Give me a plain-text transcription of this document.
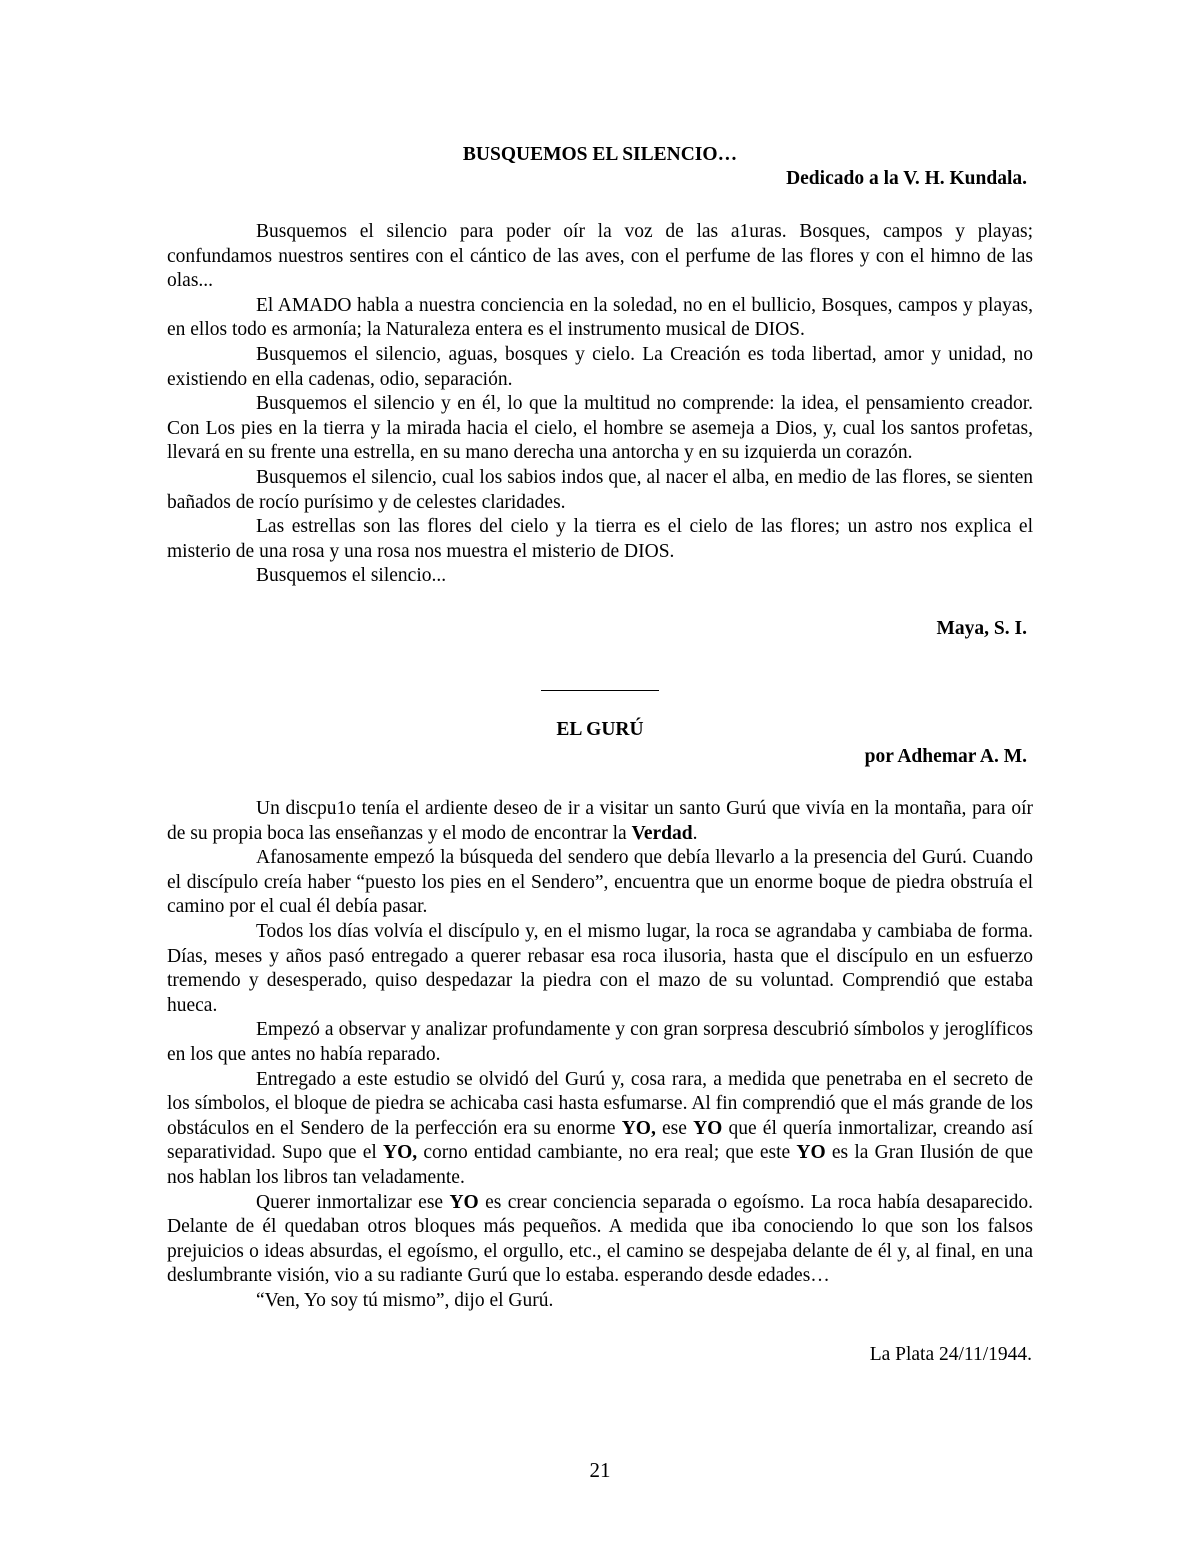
BUSQUEMOS EL SILENCIO…
Dedicado a la V. H. Kundala.

Busquemos el silencio para poder oír la voz de las a1uras. Bosques, campos y playas; confundamos nuestros sentires con el cántico de las aves, con el perfume de las flores y con el himno de las olas...

El AMADO habla a nuestra conciencia en la soledad, no en el bullicio, Bosques, campos y playas, en ellos todo es armonía; la Naturaleza entera es el instrumento musical de DIOS.

Busquemos el silencio, aguas, bosques y cielo. La Creación es toda libertad, amor y unidad, no existiendo en ella cadenas, odio, separación.

Busquemos el silencio y en él, lo que la multitud no comprende: la idea, el pensamiento creador. Con Los pies en la tierra y la mirada hacia el cielo, el hombre se asemeja a Dios, y, cual los santos profetas, llevará en su frente una estrella, en su mano derecha una antorcha y en su izquierda un corazón.

Busquemos el silencio, cual los sabios indos que, al nacer el alba, en medio de las flores, se sienten bañados de rocío purísimo y de celestes claridades.

Las estrellas son las flores del cielo y la tierra es el cielo de las flores; un astro nos explica el misterio de una rosa y una rosa nos muestra el misterio de DIOS.

Busquemos el silencio...

Maya, S. I.
EL GURÚ
por Adhemar A. M.

Un discpu1o tenía el ardiente deseo de ir a visitar un santo Gurú que vivía en la montaña, para oír de su propia boca las enseñanzas y el modo de encontrar la Verdad.

Afanosamente empezó la búsqueda del sendero que debía llevarlo a la presencia del Gurú. Cuando el discípulo creía haber “puesto los pies en el Sendero”, encuentra que un enorme boque de piedra obstruía el camino por el cual él debía pasar.

Todos los días volvía el discípulo y, en el mismo lugar, la roca se agrandaba y cambiaba de forma. Días, meses y años pasó entregado a querer rebasar esa roca ilusoria, hasta que el discípulo en un esfuerzo tremendo y desesperado, quiso despedazar la piedra con el mazo de su voluntad. Comprendió que estaba hueca.

Empezó a observar y analizar profundamente y con gran sorpresa descubrió símbolos y jeroglíficos en los que antes no había reparado.

Entregado a este estudio se olvidó del Gurú y, cosa rara, a medida que penetraba en el secreto de los símbolos, el bloque de piedra se achicaba casi hasta esfumarse. Al fin comprendió que el más grande de los obstáculos en el Sendero de la perfección era su enorme YO, ese YO que él quería inmortalizar, creando así separatividad. Supo que el YO, corno entidad cambiante, no era real; que este YO es la Gran Ilusión de que nos hablan los libros tan veladamente.

Querer inmortalizar ese YO es crear conciencia separada o egoísmo. La roca había desaparecido. Delante de él quedaban otros bloques más pequeños. A medida que iba conociendo lo que son los falsos prejuicios o ideas absurdas, el egoísmo, el orgullo, etc., el camino se despejaba delante de él y, al final, en una deslumbrante visión, vio a su radiante Gurú que lo estaba. esperando desde edades…

“Ven, Yo soy tú mismo”, dijo el Gurú.

La Plata 24/11/1944.
21
